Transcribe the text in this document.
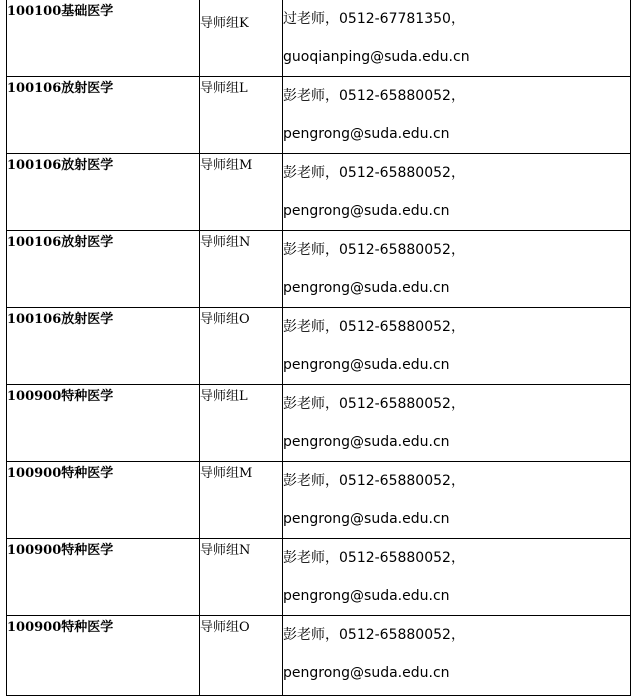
100100基础医学	导师组K	过老师，0512-67781350，
guoqianping@suda.edu.cn

100106放射医学	导师组L	彭老师，0512-65880052，
pengrong@suda.edu.cn

100106放射医学	导师组M	彭老师，0512-65880052，
pengrong@suda.edu.cn

100106放射医学	导师组N	彭老师，0512-65880052，
pengrong@suda.edu.cn

100106放射医学	导师组O	彭老师，0512-65880052，
pengrong@suda.edu.cn

100900特种医学	导师组L	彭老师，0512-65880052，
pengrong@suda.edu.cn

100900特种医学	导师组M	彭老师，0512-65880052，
pengrong@suda.edu.cn

100900特种医学	导师组N	彭老师，0512-65880052，
pengrong@suda.edu.cn

100900特种医学	导师组O	彭老师，0512-65880052，
pengrong@suda.edu.cn
